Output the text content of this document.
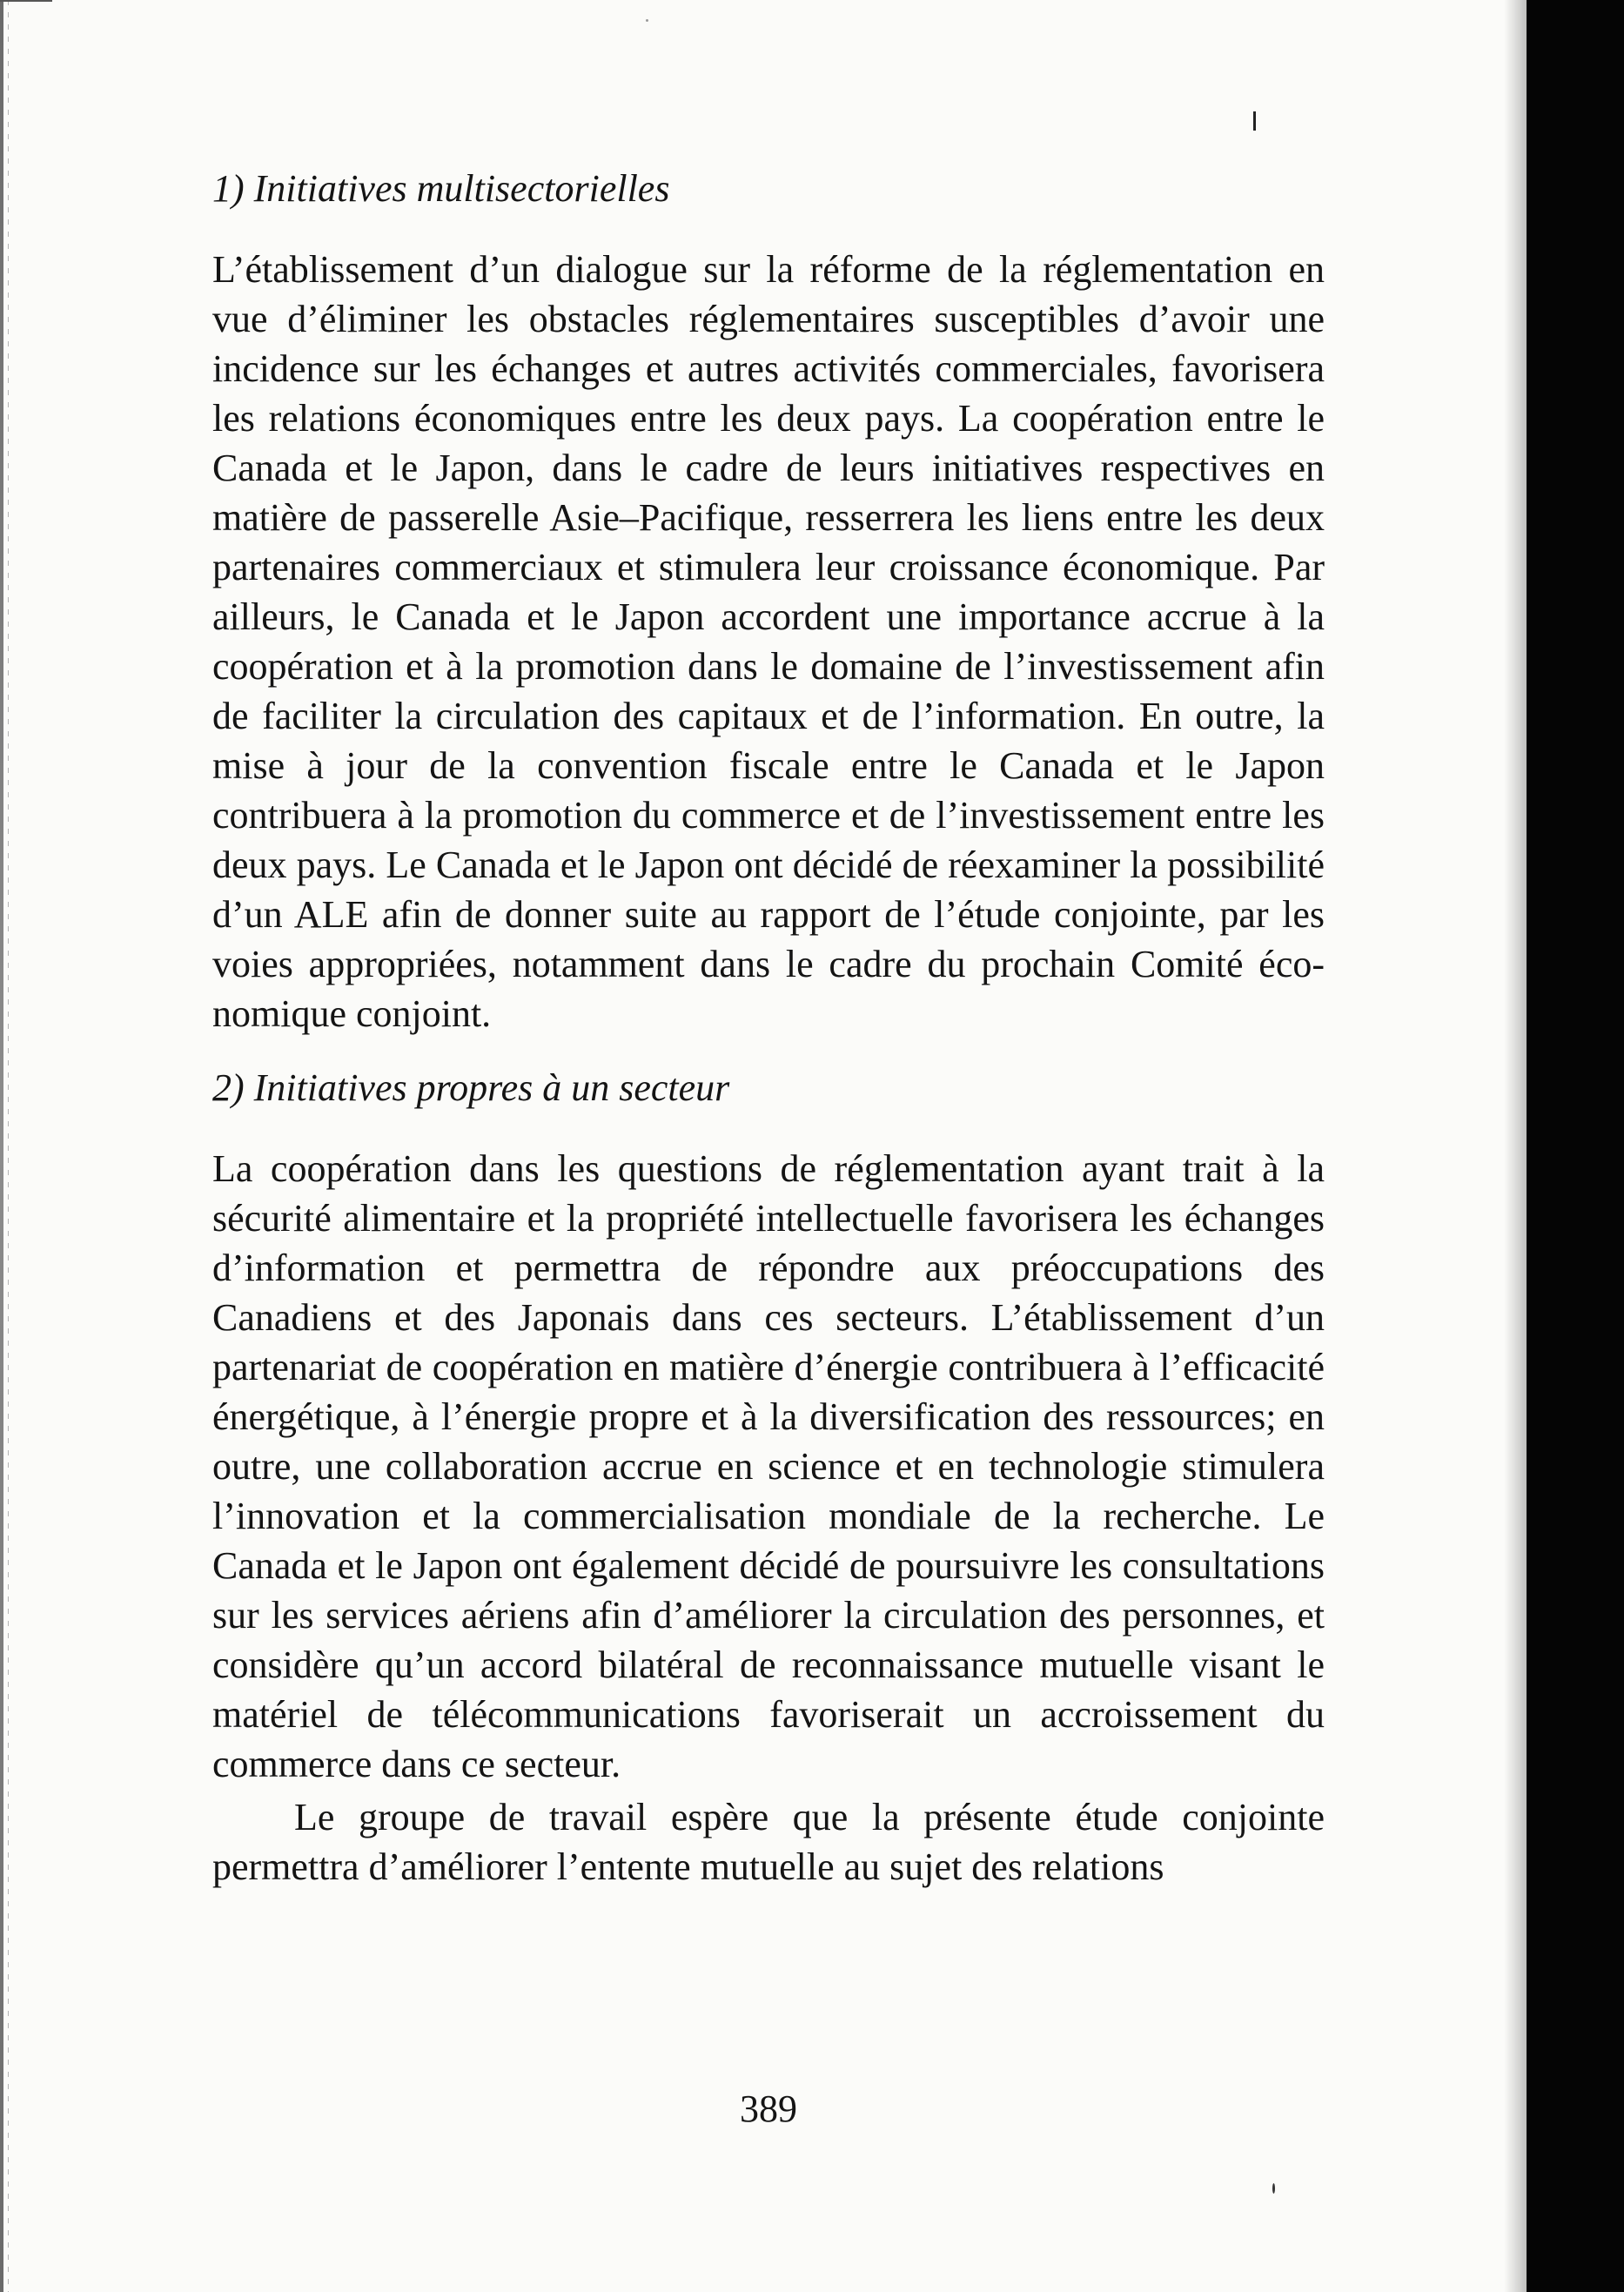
1) Initiatives multisectorielles

L’établissement d’un dialogue sur la réforme de la réglementation en vue d’éliminer les obstacles réglementaires susceptibles d’avoir une incidence sur les échanges et autres activités commerciales, favorisera les relations économiques entre les deux pays. La coopération entre le Canada et le Japon, dans le cadre de leurs initiatives respectives en matière de passerelle Asie–Pacifique, resserrera les liens entre les deux partenaires commerciaux et stimulera leur croissance économique. Par ailleurs, le Canada et le Japon accordent une importance accrue à la coopération et à la promotion dans le domaine de l’investissement afin de faciliter la circulation des capitaux et de l’information. En outre, la mise à jour de la convention fiscale entre le Canada et le Japon contribuera à la promotion du commerce et de l’investissement entre les deux pays. Le Canada et le Japon ont décidé de réexaminer la possibilité d’un ALE afin de donner suite au rapport de l’étude conjointe, par les voies appropriées, notamment dans le cadre du prochain Comité économique conjoint.

2) Initiatives propres à un secteur

La coopération dans les questions de réglementation ayant trait à la sécurité alimentaire et la propriété intellectuelle favorisera les échanges d’information et permettra de répondre aux préoccupations des Canadiens et des Japonais dans ces secteurs. L’établissement d’un partenariat de coopération en matière d’énergie contribuera à l’efficacité énergétique, à l’énergie propre et à la diversification des ressources; en outre, une collaboration accrue en science et en technologie stimulera l’innovation et la commercialisation mondiale de la recherche. Le Canada et le Japon ont également décidé de poursuivre les consultations sur les services aériens afin d’améliorer la circulation des personnes, et considère qu’un accord bilatéral de reconnaissance mutuelle visant le matériel de télécommunications favoriserait un accroissement du commerce dans ce secteur.

Le groupe de travail espère que la présente étude conjointe permettra d’améliorer l’entente mutuelle au sujet des relations

389
